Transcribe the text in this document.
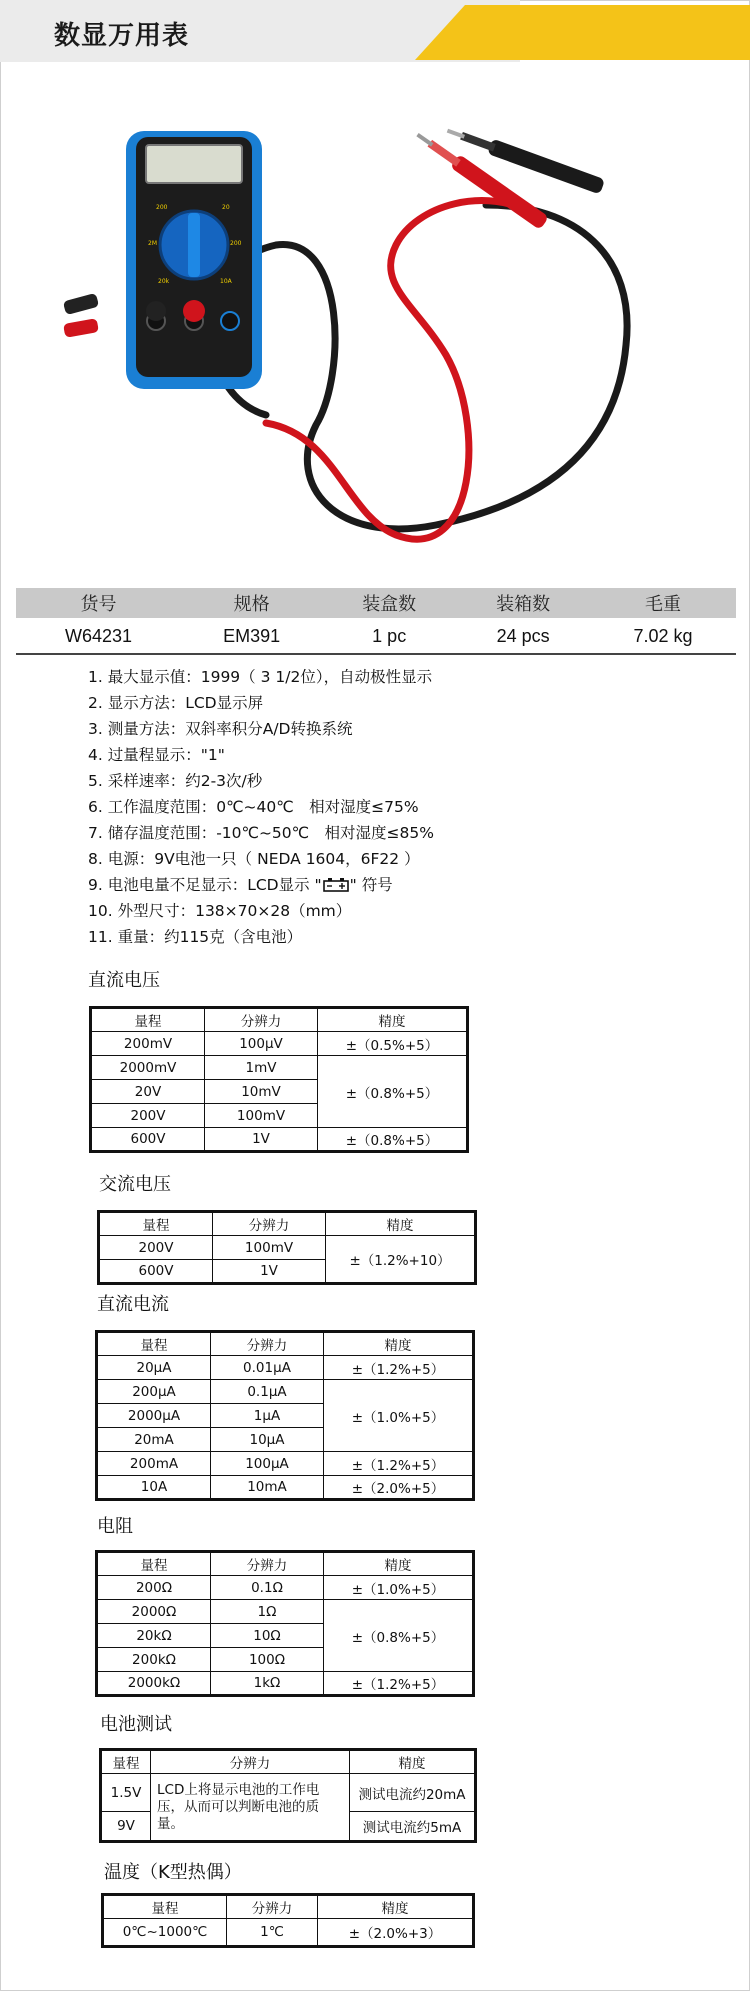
数显万用表
200	20
2M	200
20k	10A
货号	规格	装盒数	装箱数	毛重
W64231	EM391	1 pc	24 pcs	7.02 kg
1. 最大显示值：1999（ 3 1/2位），自动极性显示
2. 显示方法：LCD显示屏
3. 测量方法：双斜率积分A/D转换系统
4. 过量程显示："1"
5. 采样速率：约2-3次/秒
6. 工作温度范围：0℃~40℃　相对湿度≤75%
7. 储存温度范围：-10℃~50℃　相对湿度≤85%
8. 电源：9V电池一只（ NEDA 1604，6F22 ）
9. 电池电量不足显示：LCD显示 " " 符号
10. 外型尺寸：138×70×28（mm）
11. 重量：约115克（含电池）
直流电压
量程	分辨力	精度
200mV	100μV	±（0.5%+5）
2000mV	1mV	±（0.8%+5）
20V	10mV	
200V	100mV	
600V	1V	±（0.8%+5）
交流电压
量程	分辨力	精度
200V	100mV	±（1.2%+10）
600V	1V	
直流电流
量程	分辨力	精度
20μA	0.01μA	±（1.2%+5）
200μA	0.1μA	±（1.0%+5）
2000μA	1μA	
20mA	10μA	
200mA	100μA	±（1.2%+5）
10A	10mA	±（2.0%+5）
电阻
量程	分辨力	精度
200Ω	0.1Ω	±（1.0%+5）
2000Ω	1Ω	±（0.8%+5）
20kΩ	10Ω	
200kΩ	100Ω	
2000kΩ	1kΩ	±（1.2%+5）
电池测试
量程	分辨力	精度
1.5V	LCD上将显示电池的工作电压，从而可以判断电池的质量。	测试电流约20mA
9V		测试电流约5mA
温度（K型热偶）
量程	分辨力	精度
0℃~1000℃	1℃	±（2.0%+3）
